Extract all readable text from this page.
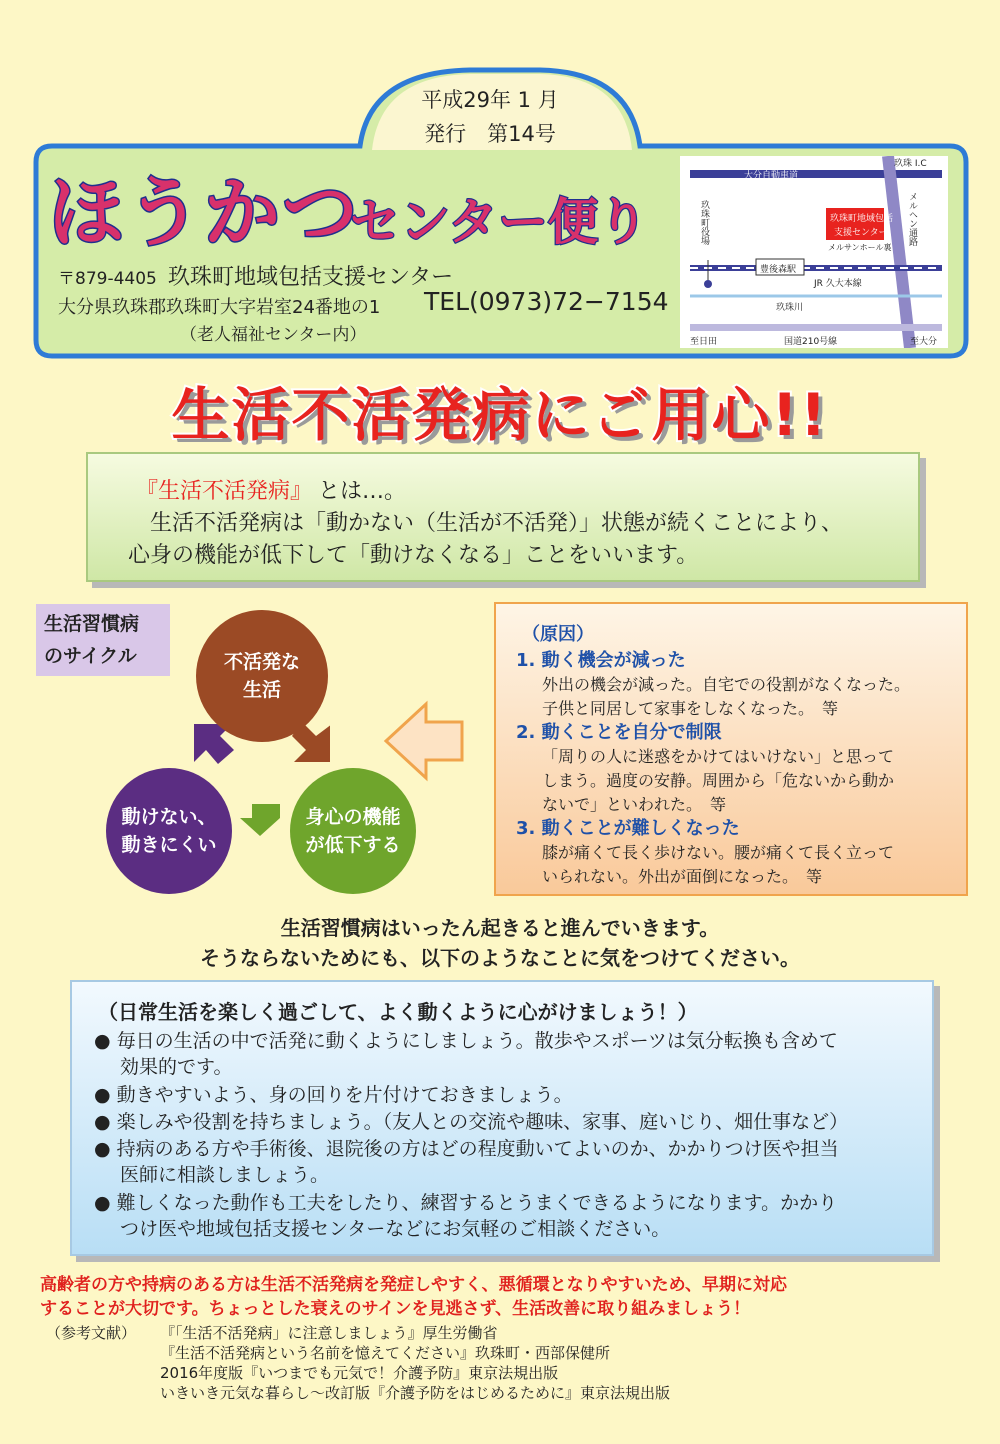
平成29年 1 月
発行　第14号
ほうかつ
センター便り
〒879-4405 玖珠町地域包括支援センター
大分県玖珠郡玖珠町大字岩室24番地の1 TEL(0973)72−7154
（老人福祉センター内）
大分自動車道
玖珠 I.C
メルヘン通路
玖珠町役場	玖珠町地域包括
支援センター
メルサンホール裏
豊後森駅
JR 久大本線
玖珠川
至日田	国道210号線	至大分
生活不活発病にご用心!!
『生活不活発病』 とは…。
生活不活発病は「動かない（生活が不活発）」状態が続くことにより、
心身の機能が低下して「動けなくなる」ことをいいます。
生活習慣病
のサイクル	不活発な
生活
身心の機能
が低下する
動けない、
動きにくい
（原因）
1. 動く機会が減った
外出の機会が減った。自宅での役割がなくなった。
子供と同居して家事をしなくなった。　等
2. 動くことを自分で制限
「周りの人に迷惑をかけてはいけない」と思って
しまう。過度の安静。周囲から「危ないから動か
ないで」といわれた。　等
3. 動くことが難しくなった
膝が痛くて長く歩けない。腰が痛くて長く立って
いられない。外出が面倒になった。　等
生活習慣病はいったん起きると進んでいきます。
そうならないためにも、以下のようなことに気をつけてください。
（日常生活を楽しく過ごして、よく動くように心がけましょう！）
● 毎日の生活の中で活発に動くようにしましょう。散歩やスポーツは気分転換も含めて
効果的です。
● 動きやすいよう、身の回りを片付けておきましょう。
● 楽しみや役割を持ちましょう。（友人との交流や趣味、家事、庭いじり、畑仕事など）
● 持病のある方や手術後、退院後の方はどの程度動いてよいのか、かかりつけ医や担当
医師に相談しましょう。
● 難しくなった動作も工夫をしたり、練習するとうまくできるようになります。かかり
つけ医や地域包括支援センターなどにお気軽のご相談ください。
高齢者の方や持病のある方は生活不活発病を発症しやすく、悪循環となりやすいため、早期に対応
することが大切です。ちょっとした衰えのサインを見逃さず、生活改善に取り組みましょう！
（参考文献） 『「生活不活発病」に注意しましょう』厚生労働省
『生活不活発病という名前を憶えてください』玖珠町・西部保健所
2016年度版『いつまでも元気で！介護予防』東京法規出版
いきいき元気な暮らし〜改訂版『介護予防をはじめるために』東京法規出版
